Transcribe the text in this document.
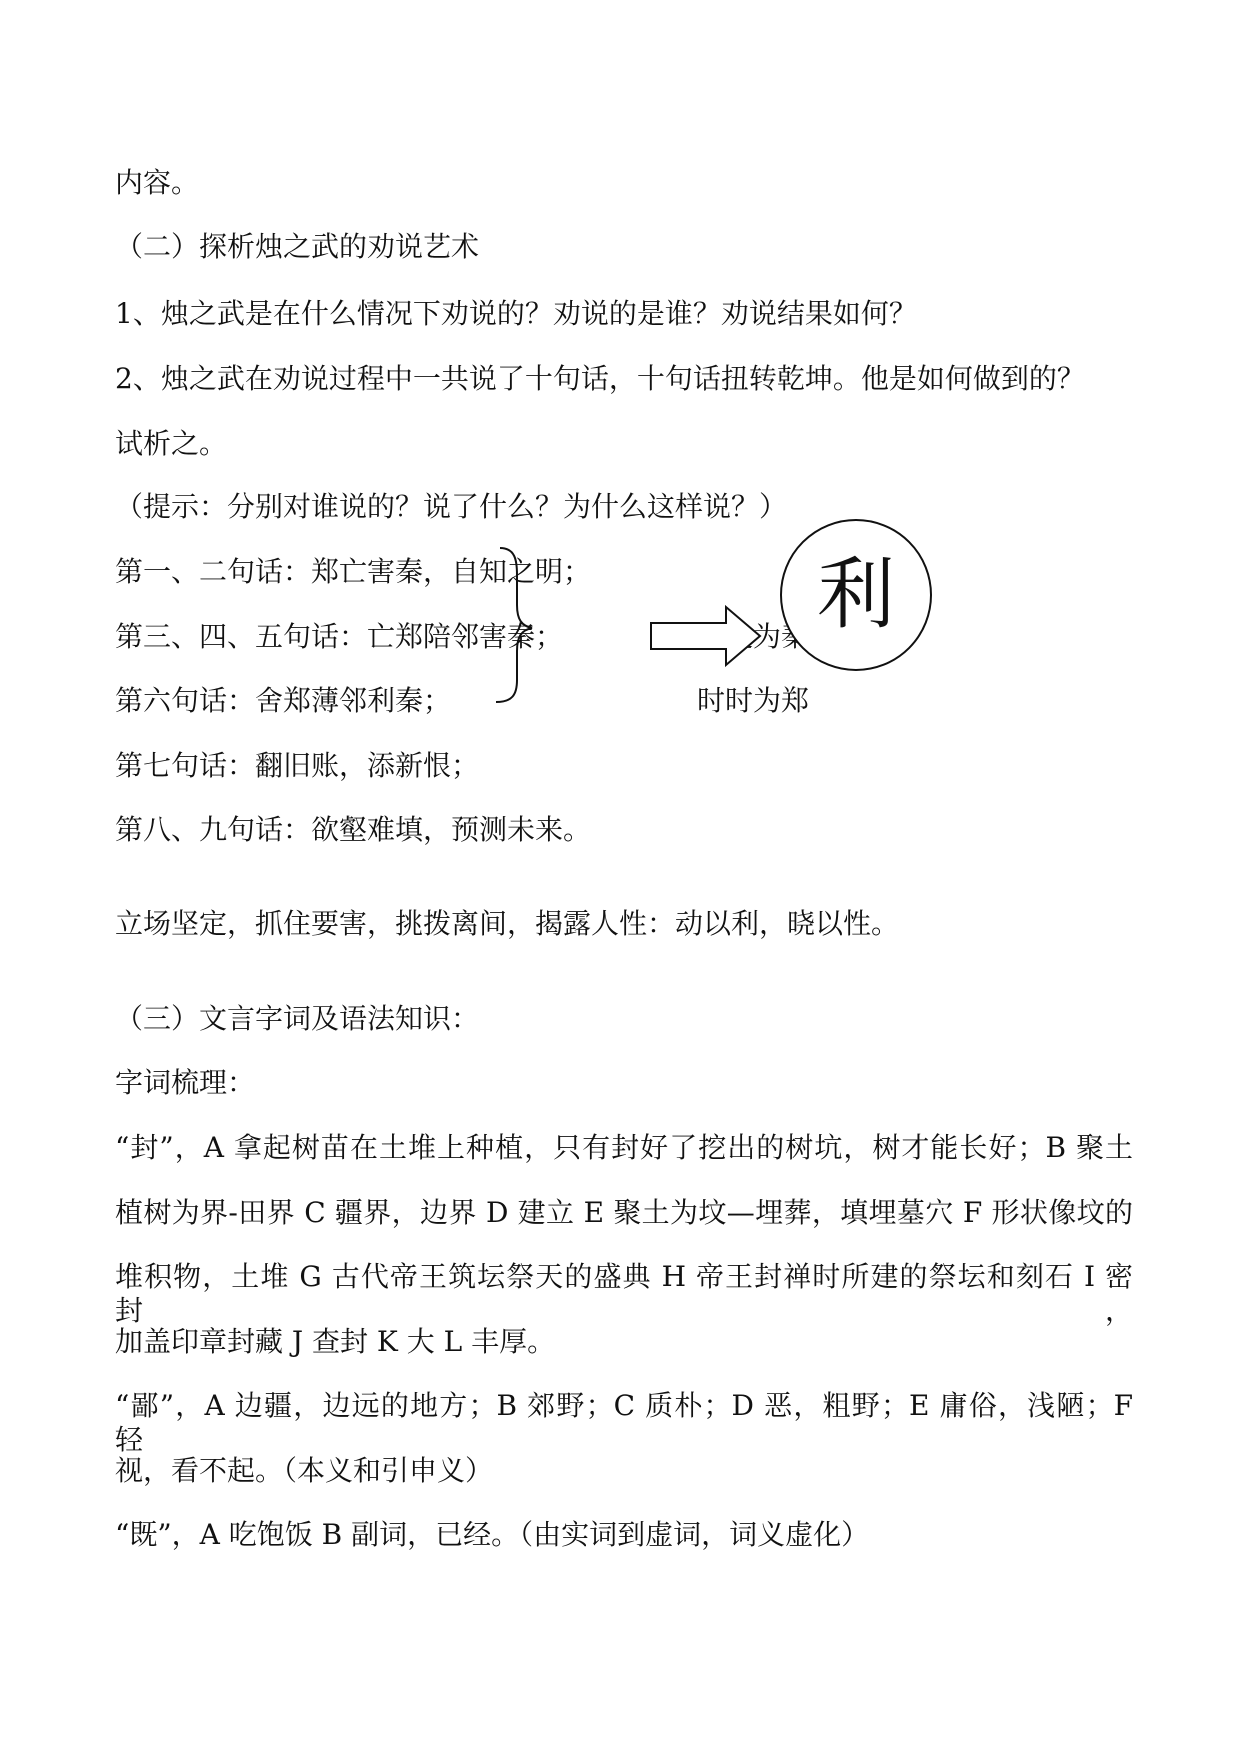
内容。
（二）探析烛之武的劝说艺术
1、烛之武是在什么情况下劝说的？劝说的是谁？劝说结果如何？
2、烛之武在劝说过程中一共说了十句话，十句话扭转乾坤。他是如何做到的？
试析之。
（提示：分别对谁说的？说了什么？为什么这样说？）
第一、二句话：郑亡害秦，自知之明；
第三、四、五句话：亡郑陪邻害秦；
第六句话：舍郑薄邻利秦；
第七句话：翻旧账，添新恨；
第八、九句话：欲壑难填，预测未来。
立场坚定，抓住要害，挑拨离间，揭露人性：动以利，晓以性。
（三）文言字词及语法知识：
字词梳理：
“封”，A 拿起树苗在土堆上种植，只有封好了挖出的树坑，树才能长好；B 聚土
植树为界-田界 C 疆界，边界 D 建立 E 聚土为坟—埋葬，填埋墓穴 F 形状像坟的
堆积物，土堆 G 古代帝王筑坛祭天的盛典 H 帝王封禅时所建的祭坛和刻石 I 密封，
加盖印章封藏 J 查封 K 大 L 丰厚。
“鄙”，A 边疆，边远的地方；B 郊野；C 质朴；D 恶，粗野；E 庸俗，浅陋；F 轻
视，看不起。（本义和引申义）
“既”，A 吃饱饭 B 副词，已经。（由实词到虚词，词义虚化）
时时为郑
利
